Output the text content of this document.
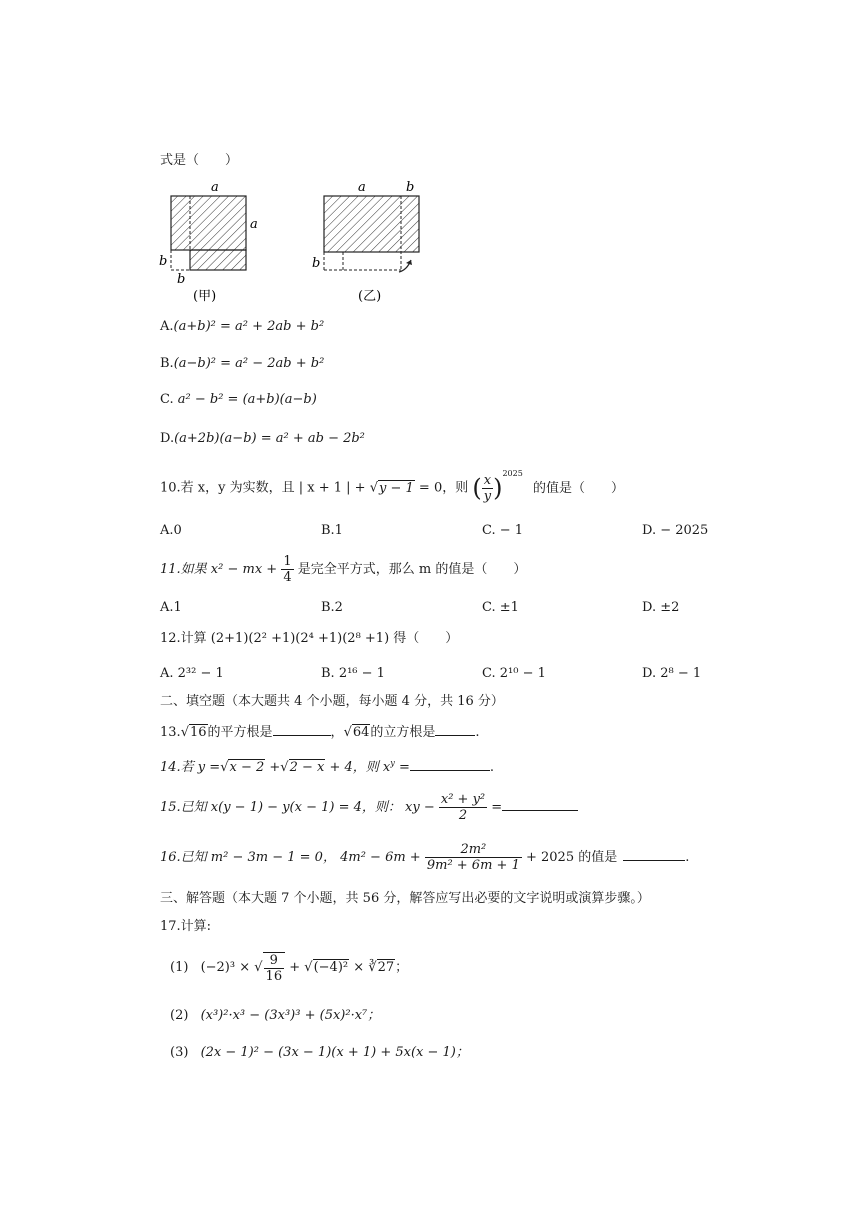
式是（　　）
a
a
b
b
(甲)
a	b
b
(乙)
A.(a+b)² = a² + 2ab + b²
B.(a−b)² = a² − 2ab + b²
C. a² − b² = (a+b)(a−b)
D.(a+2b)(a−b) = a² + ab − 2b²
10.若 x，y 为实数，且 | x + 1 | + √y − 1 = 0，则 ( $\frac{x}{y} )^{2025}$ 的值是（　　）
A.0	B.1	C. − 1	D. − 2025
11.如果 x² − mx + $\frac{1}{4}$ 是完全平方式，那么 m 的值是（　　）
A.1	B.2	C. ±1	D. ±2
12.计算 (2+1)(2² +1)(2⁴ +1)(2⁸ +1) 得（　　）
A. 2³² − 1	B. 2¹⁶ − 1	C. 2¹⁰ − 1	D. 2⁸ − 1
二、填空题（本大题共 4 个小题，每小题 4 分，共 16 分）
13.√16的平方根是	，√64的立方根是	.
14.若 y =√x − 2 +√2 − x + 4，则 $x^y$ =	.
15.已知 x(y − 1) − y(x − 1) = 4，则： xy − $\frac{\text{x² + y²}}{2}$ =
16.已知 m² − 3m − 1 = 0， $4m^2 - 6m + \frac{\text{2m²}}{\text{9m² + 6m + 1}} + 2025$ 的值是	.
三、解答题（本大题 7 个小题，共 56 分，解答应写出必要的文字说明或演算步骤。）
17.计算:
(1) (−2)³ × √ $\frac{9}{16} + √(-4)^2$ × ∛27；
(2) (x³)²·x³ − (3x³)³ + (5x)²·x⁷；
(3) (2x − 1)² − (3x − 1)(x + 1) + 5x(x − 1)；
